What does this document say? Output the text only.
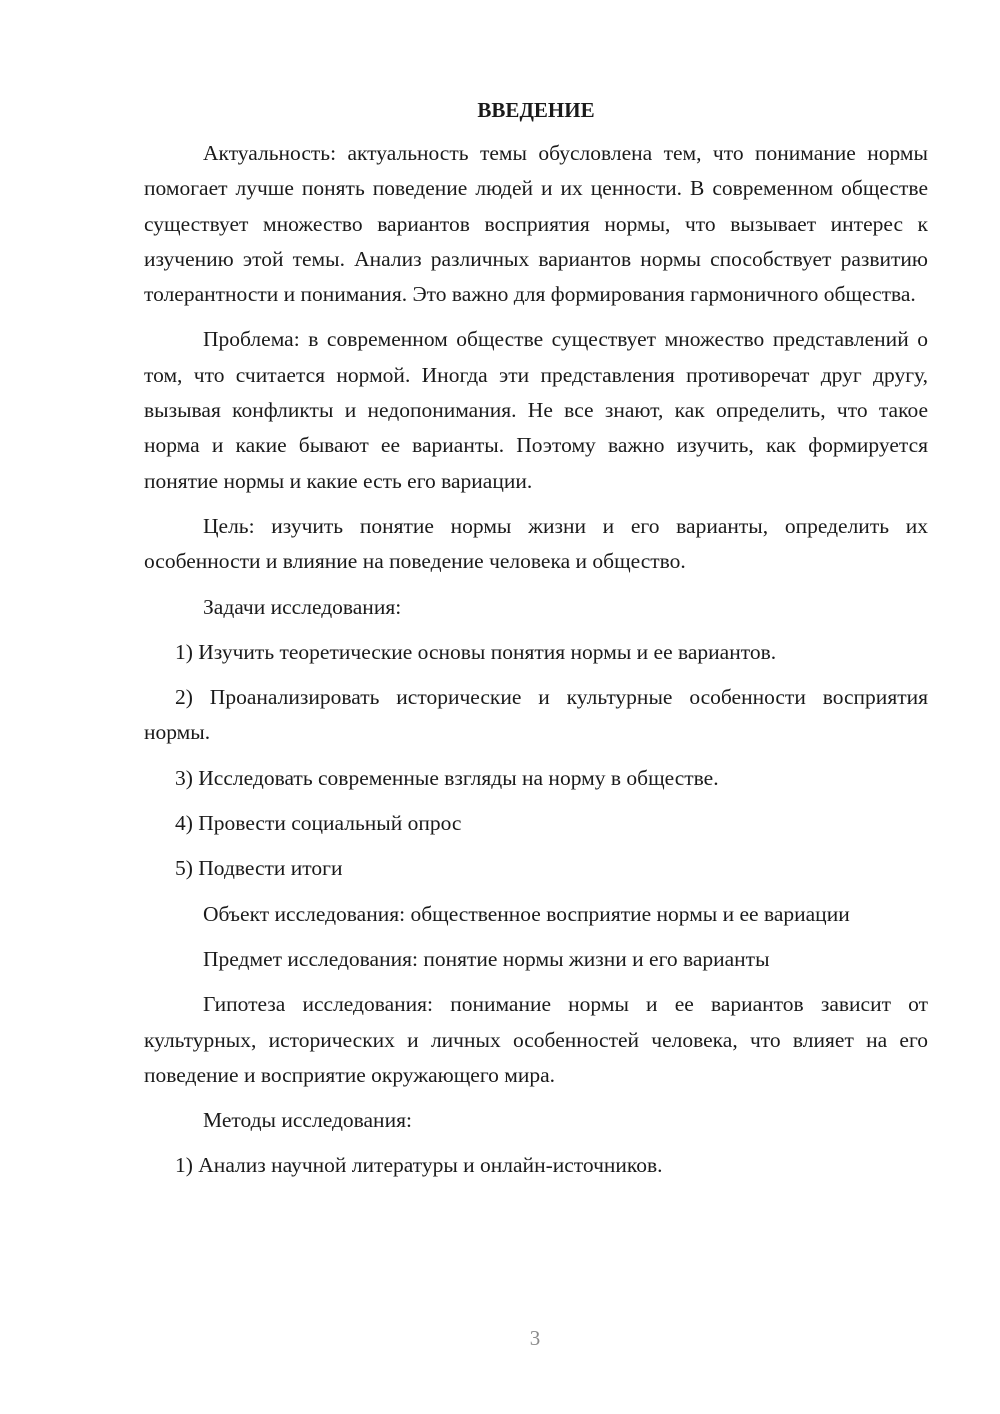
ВВЕДЕНИЕ

Актуальность: актуальность темы обусловлена тем, что понимание нормы помогает лучше понять поведение людей и их ценности. В современном обществе существует множество вариантов восприятия нормы, что вызывает интерес к изучению этой темы. Анализ различных вариантов нормы способствует развитию толерантности и понимания. Это важно для формирования гармоничного общества.

Проблема: в современном обществе существует множество представлений о том, что считается нормой. Иногда эти представления противоречат друг другу, вызывая конфликты и недопонимания. Не все знают, как определить, что такое норма и какие бывают ее варианты. Поэтому важно изучить, как формируется понятие нормы и какие есть его вариации.

Цель: изучить понятие нормы жизни и его варианты, определить их особенности и влияние на поведение человека и общество.

Задачи исследования:

1) Изучить теоретические основы понятия нормы и ее вариантов.

2) Проанализировать исторические и культурные особенности восприятия нормы.

3) Исследовать современные взгляды на норму в обществе.

4) Провести социальный опрос

5) Подвести итоги

Объект исследования: общественное восприятие нормы и ее вариации

Предмет исследования: понятие нормы жизни и его варианты

Гипотеза исследования: понимание нормы и ее вариантов зависит от культурных, исторических и личных особенностей человека, что влияет на его поведение и восприятие окружающего мира.

Методы исследования:

1) Анализ научной литературы и онлайн-источников.

3
